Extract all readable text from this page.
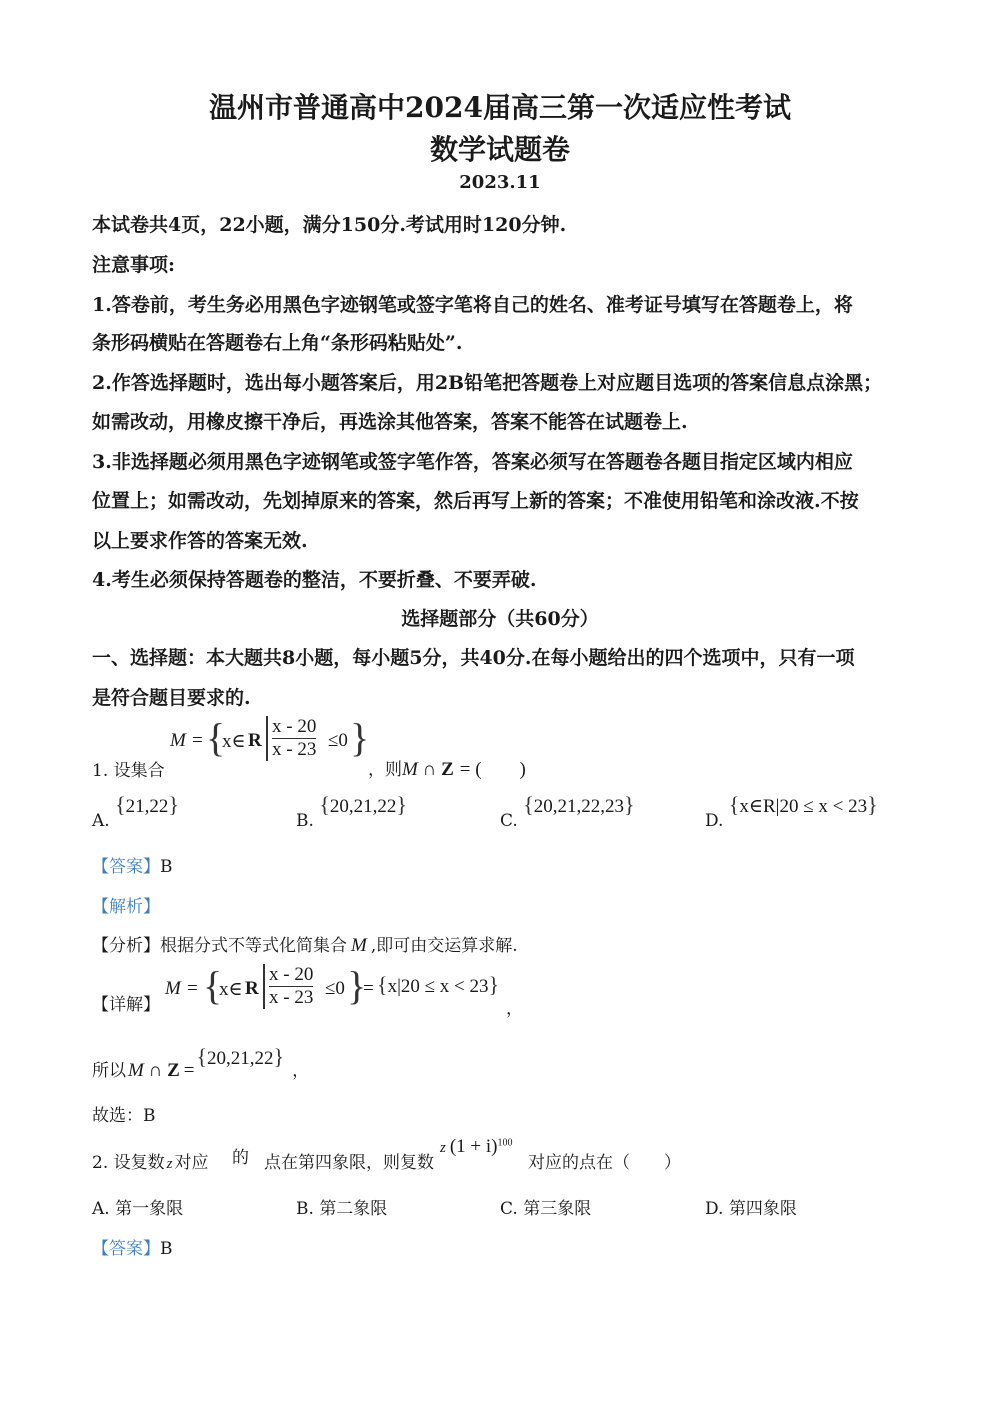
温州市普通高中2024届高三第一次适应性考试
数学试题卷
2023.11
本试卷共4页，22小题，满分150分.考试用时120分钟.
注意事项:
1.答卷前，考生务必用黑色字迹钢笔或签字笔将自己的姓名、准考证号填写在答题卷上，将
条形码横贴在答题卷右上角“条形码粘贴处”.
2.作答选择题时，选出每小题答案后，用2B铅笔把答题卷上对应题目选项的答案信息点涂黑；
如需改动，用橡皮擦干净后，再选涂其他答案，答案不能答在试题卷上.
3.非选择题必须用黑色字迹钢笔或签字笔作答，答案必须写在答题卷各题目指定区域内相应
位置上；如需改动，先划掉原来的答案，然后再写上新的答案；不准使用铅笔和涂改液.不按
以上要求作答的答案无效.
4.考生必须保持答题卷的整洁，不要折叠、不要弄破.
选择题部分（共60分）
一、选择题：本大题共8小题，每小题5分，共40分.在每小题给出的四个选项中，只有一项
是符合题目要求的.
1. 设集合
M = {
x∈ R $\frac{x - 20}{x - 23} \le 0$ }
，则M ∩ Z = (　　)
A. {21,22}
B. {20,21,22}
C. {20,21,22,23}
D. {x∈R|20 ≤ x < 23}
【答案】B
【解析】
【分析】根据分式不等式化简集合 M ,即可由交运算求解.
【详解】
M = {
x∈ R $\frac{x - 20}{x - 23} \le 0$ }
= {x|20 ≤ x < 23}
，
所以 M ∩ Z ={20,21,22}，
故选：B
2. 设复数 z 对应 的 点在第四象限，则复数
z $(1 + i)^{100}$
对应的点在（　　）
A. 第一象限	B. 第二象限	C. 第三象限	D. 第四象限
【答案】B
